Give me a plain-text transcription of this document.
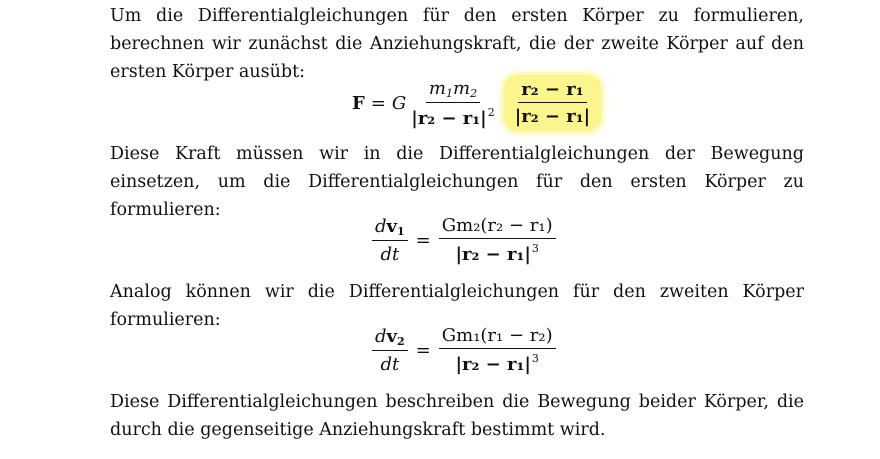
Um die Differentialgleichungen für den ersten Körper zu formulieren, berechnen wir zunächst die Anziehungskraft, die der zweite Körper auf den ersten Körper ausübt:

F = G $\frac{m_1m_2}{|r_2 - r_1|^2} \frac{\text{r₂ − r₁}}{\text{|r₂ − r₁|}}$

Diese Kraft müssen wir in die Differentialgleichungen der Bewegung einsetzen, um die Differentialgleichungen für den ersten Körper zu formulieren:

$\frac{dv1}{dt} = \frac{\text{Gm₂(r₂ − r₁)}}{|r_2 - r_1|^3}$

Analog können wir die Differentialgleichungen für den zweiten Körper formulieren:

$\frac{dv2}{dt} = \frac{\text{Gm₁(r₁ − r₂)}}{|r_2 - r_1|^3}$

Diese Differentialgleichungen beschreiben die Bewegung beider Körper, die durch die gegenseitige Anziehungskraft bestimmt wird.
